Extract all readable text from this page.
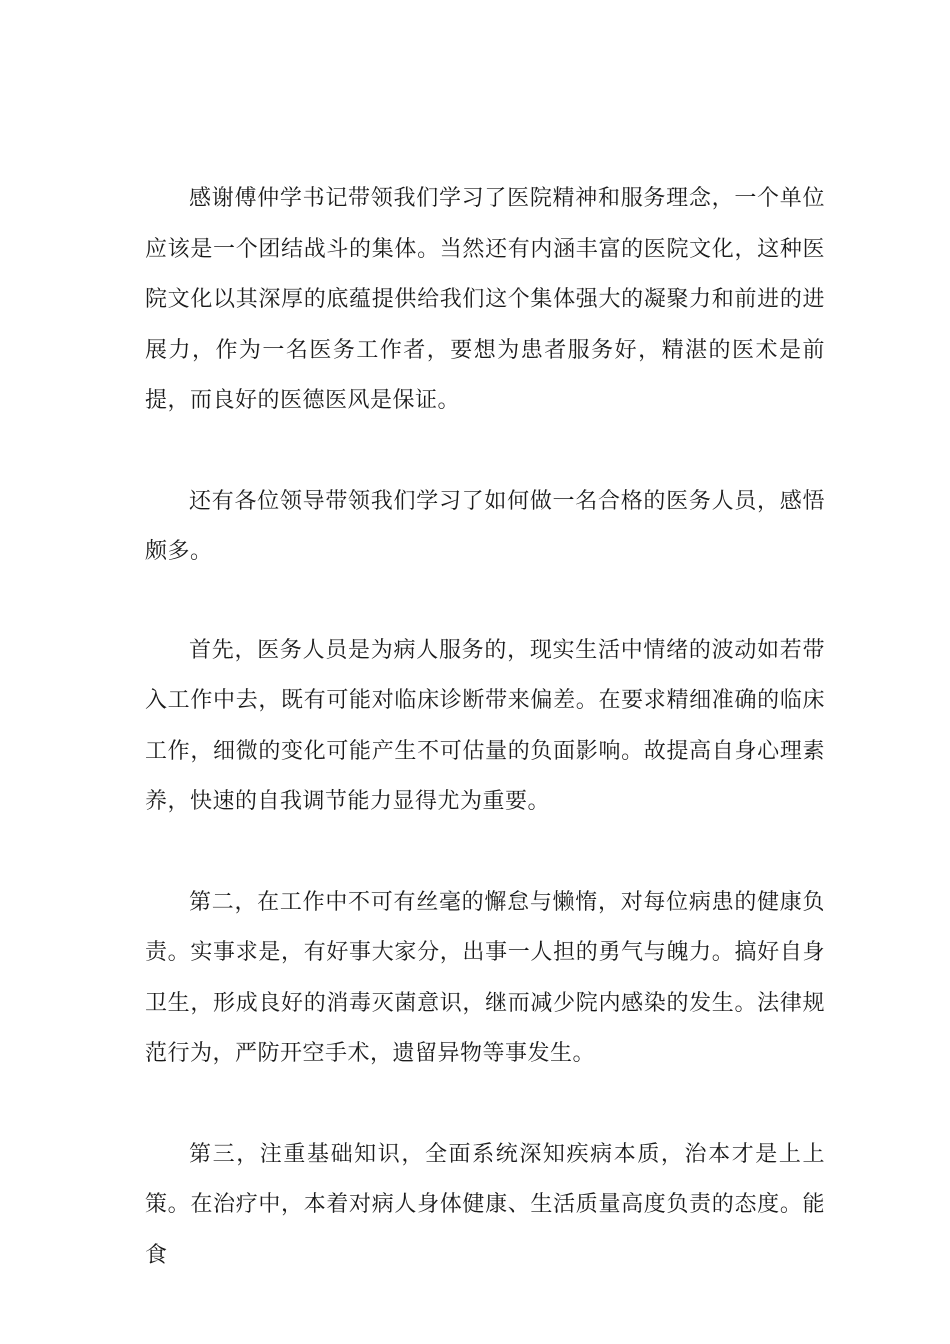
感谢傅仲学书记带领我们学习了医院精神和服务理念，一个单位应该是一个团结战斗的集体。当然还有内涵丰富的医院文化，这种医院文化以其深厚的底蕴提供给我们这个集体强大的凝聚力和前进的进展力，作为一名医务工作者，要想为患者服务好，精湛的医术是前提，而良好的医德医风是保证。

还有各位领导带领我们学习了如何做一名合格的医务人员，感悟颇多。

首先，医务人员是为病人服务的，现实生活中情绪的波动如若带入工作中去，既有可能对临床诊断带来偏差。在要求精细准确的临床工作，细微的变化可能产生不可估量的负面影响。故提高自身心理素养，快速的自我调节能力显得尤为重要。

第二，在工作中不可有丝毫的懈怠与懒惰，对每位病患的健康负责。实事求是，有好事大家分，出事一人担的勇气与魄力。搞好自身卫生，形成良好的消毒灭菌意识，继而减少院内感染的发生。法律规范行为，严防开空手术，遗留异物等事发生。

第三，注重基础知识，全面系统深知疾病本质，治本才是上上策。在治疗中，本着对病人身体健康、生活质量高度负责的态度。能食
